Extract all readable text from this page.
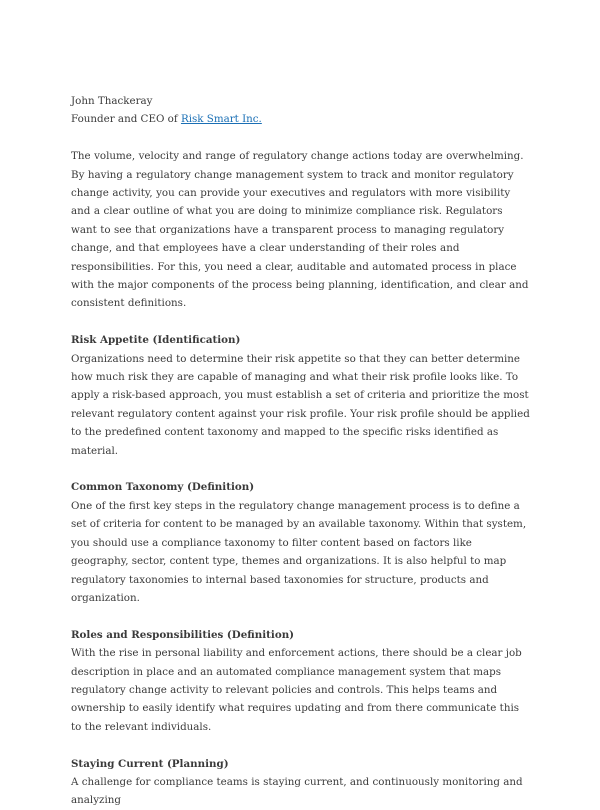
John Thackeray

Founder and CEO of Risk Smart Inc.

The volume, velocity and range of regulatory change actions today are overwhelming. By having a regulatory change management system to track and monitor regulatory change activity, you can provide your executives and regulators with more visibility and a clear outline of what you are doing to minimize compliance risk. Regulators want to see that organizations have a transparent process to managing regulatory change, and that employees have a clear understanding of their roles and responsibilities. For this, you need a clear, auditable and automated process in place with the major components of the process being planning, identification, and clear and consistent definitions.

Risk Appetite (Identification)

Organizations need to determine their risk appetite so that they can better determine how much risk they are capable of managing and what their risk profile looks like. To apply a risk-based approach, you must establish a set of criteria and prioritize the most relevant regulatory content against your risk profile. Your risk profile should be applied to the predefined content taxonomy and mapped to the specific risks identified as material.

Common Taxonomy (Definition)

One of the first key steps in the regulatory change management process is to define a set of criteria for content to be managed by an available taxonomy. Within that system, you should use a compliance taxonomy to filter content based on factors like geography, sector, content type, themes and organizations. It is also helpful to map regulatory taxonomies to internal based taxonomies for structure, products and organization.

Roles and Responsibilities (Definition)

With the rise in personal liability and enforcement actions, there should be a clear job description in place and an automated compliance management system that maps regulatory change activity to relevant policies and controls. This helps teams and ownership to easily identify what requires updating and from there communicate this to the relevant individuals.

Staying Current (Planning)

A challenge for compliance teams is staying current, and continuously monitoring and analyzing
